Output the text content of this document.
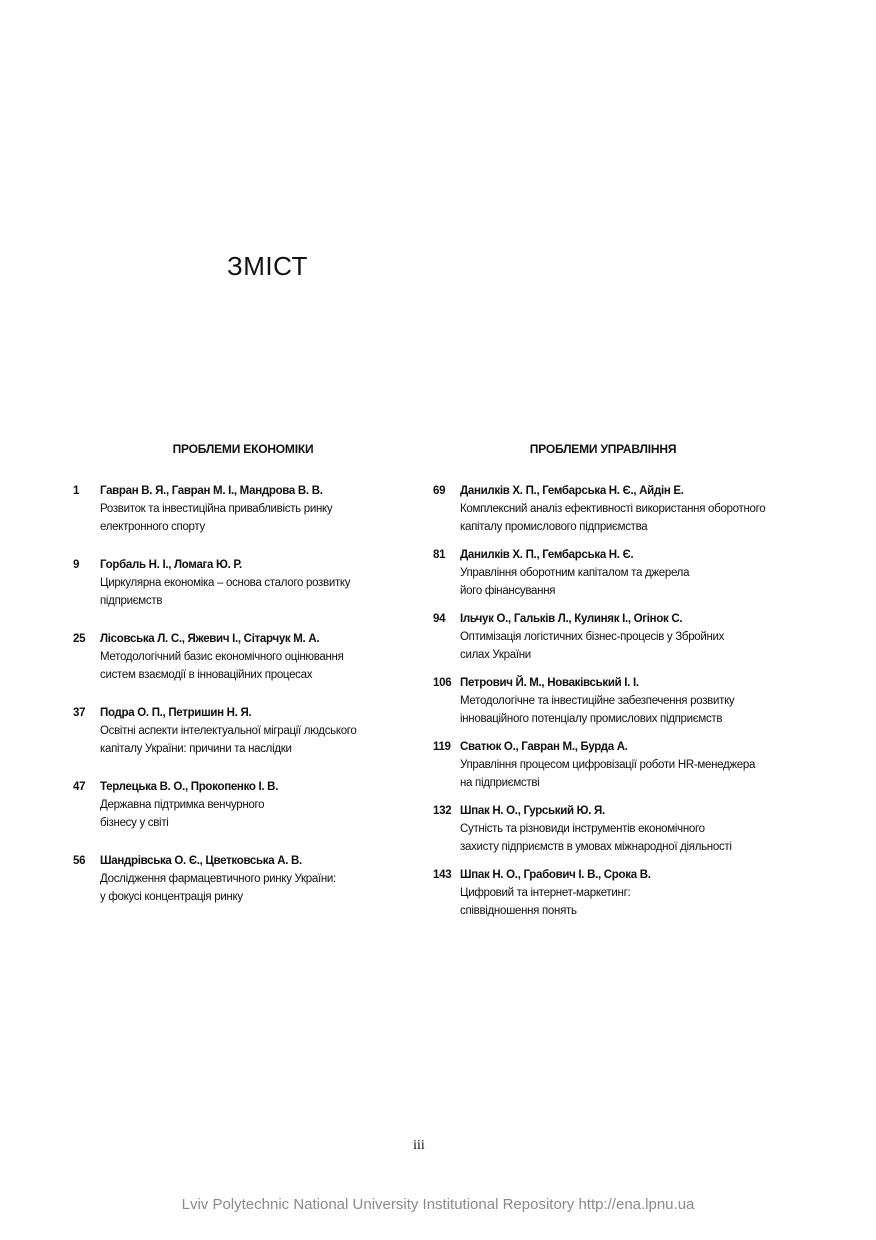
ЗМІСТ
ПРОБЛЕМИ ЕКОНОМІКИ
1	Гавран В. Я., Гавран М. І., Мандрова В. В.
Розвиток та інвестиційна привабливість ринку
електронного спорту
9	Горбаль Н. І., Ломага Ю. Р.
Циркулярна економіка – основа сталого розвитку
підприємств
25	Лісовська Л. С., Яжевич І., Сітарчук М. А.
Методологічний базис економічного оцінювання
систем взаємодії в інноваційних процесах
37	Подра О. П., Петришин Н. Я.
Освітні аспекти інтелектуальної міграції людського
капіталу України: причини та наслідки
47	Терлецька В. О., Прокопенко І. В.
Державна підтримка венчурного
бізнесу у світі
56	Шандрівська О. Є., Цветковська А. В.
Дослідження фармацевтичного ринку України:
у фокусі концентрація ринку
ПРОБЛЕМИ УПРАВЛІННЯ
69	Данилків Х. П., Гембарська Н. Є., Айдін Е.
Комплексний аналіз ефективності використання оборотного
капіталу промислового підприємства
81	Данилків Х. П., Гембарська Н. Є.
Управління оборотним капіталом та джерела
його фінансування
94	Ільчук О., Гальків Л., Кулиняк І., Огінок С.
Оптимізація логістичних бізнес-процесів у Збройних
силах України
106 Петрович Й. М., Новаківський І. І.
Методологічне та інвестиційне забезпечення розвитку
інноваційного потенціалу промислових підприємств
119 Сватюк О., Гавран М., Бурда А.
Управління процесом цифровізації роботи HR-менеджера
на підприємстві
132 Шпак Н. О., Гурський Ю. Я.
Сутність та різновиди інструментів економічного
захисту підприємств в умовах міжнародної діяльності
143 Шпак Н. О., Грабович І. В., Срока В.
Цифровий та інтернет-маркетинг:
співвідношення понять
iii
Lviv Polytechnic National University Institutional Repository http://ena.lpnu.ua
